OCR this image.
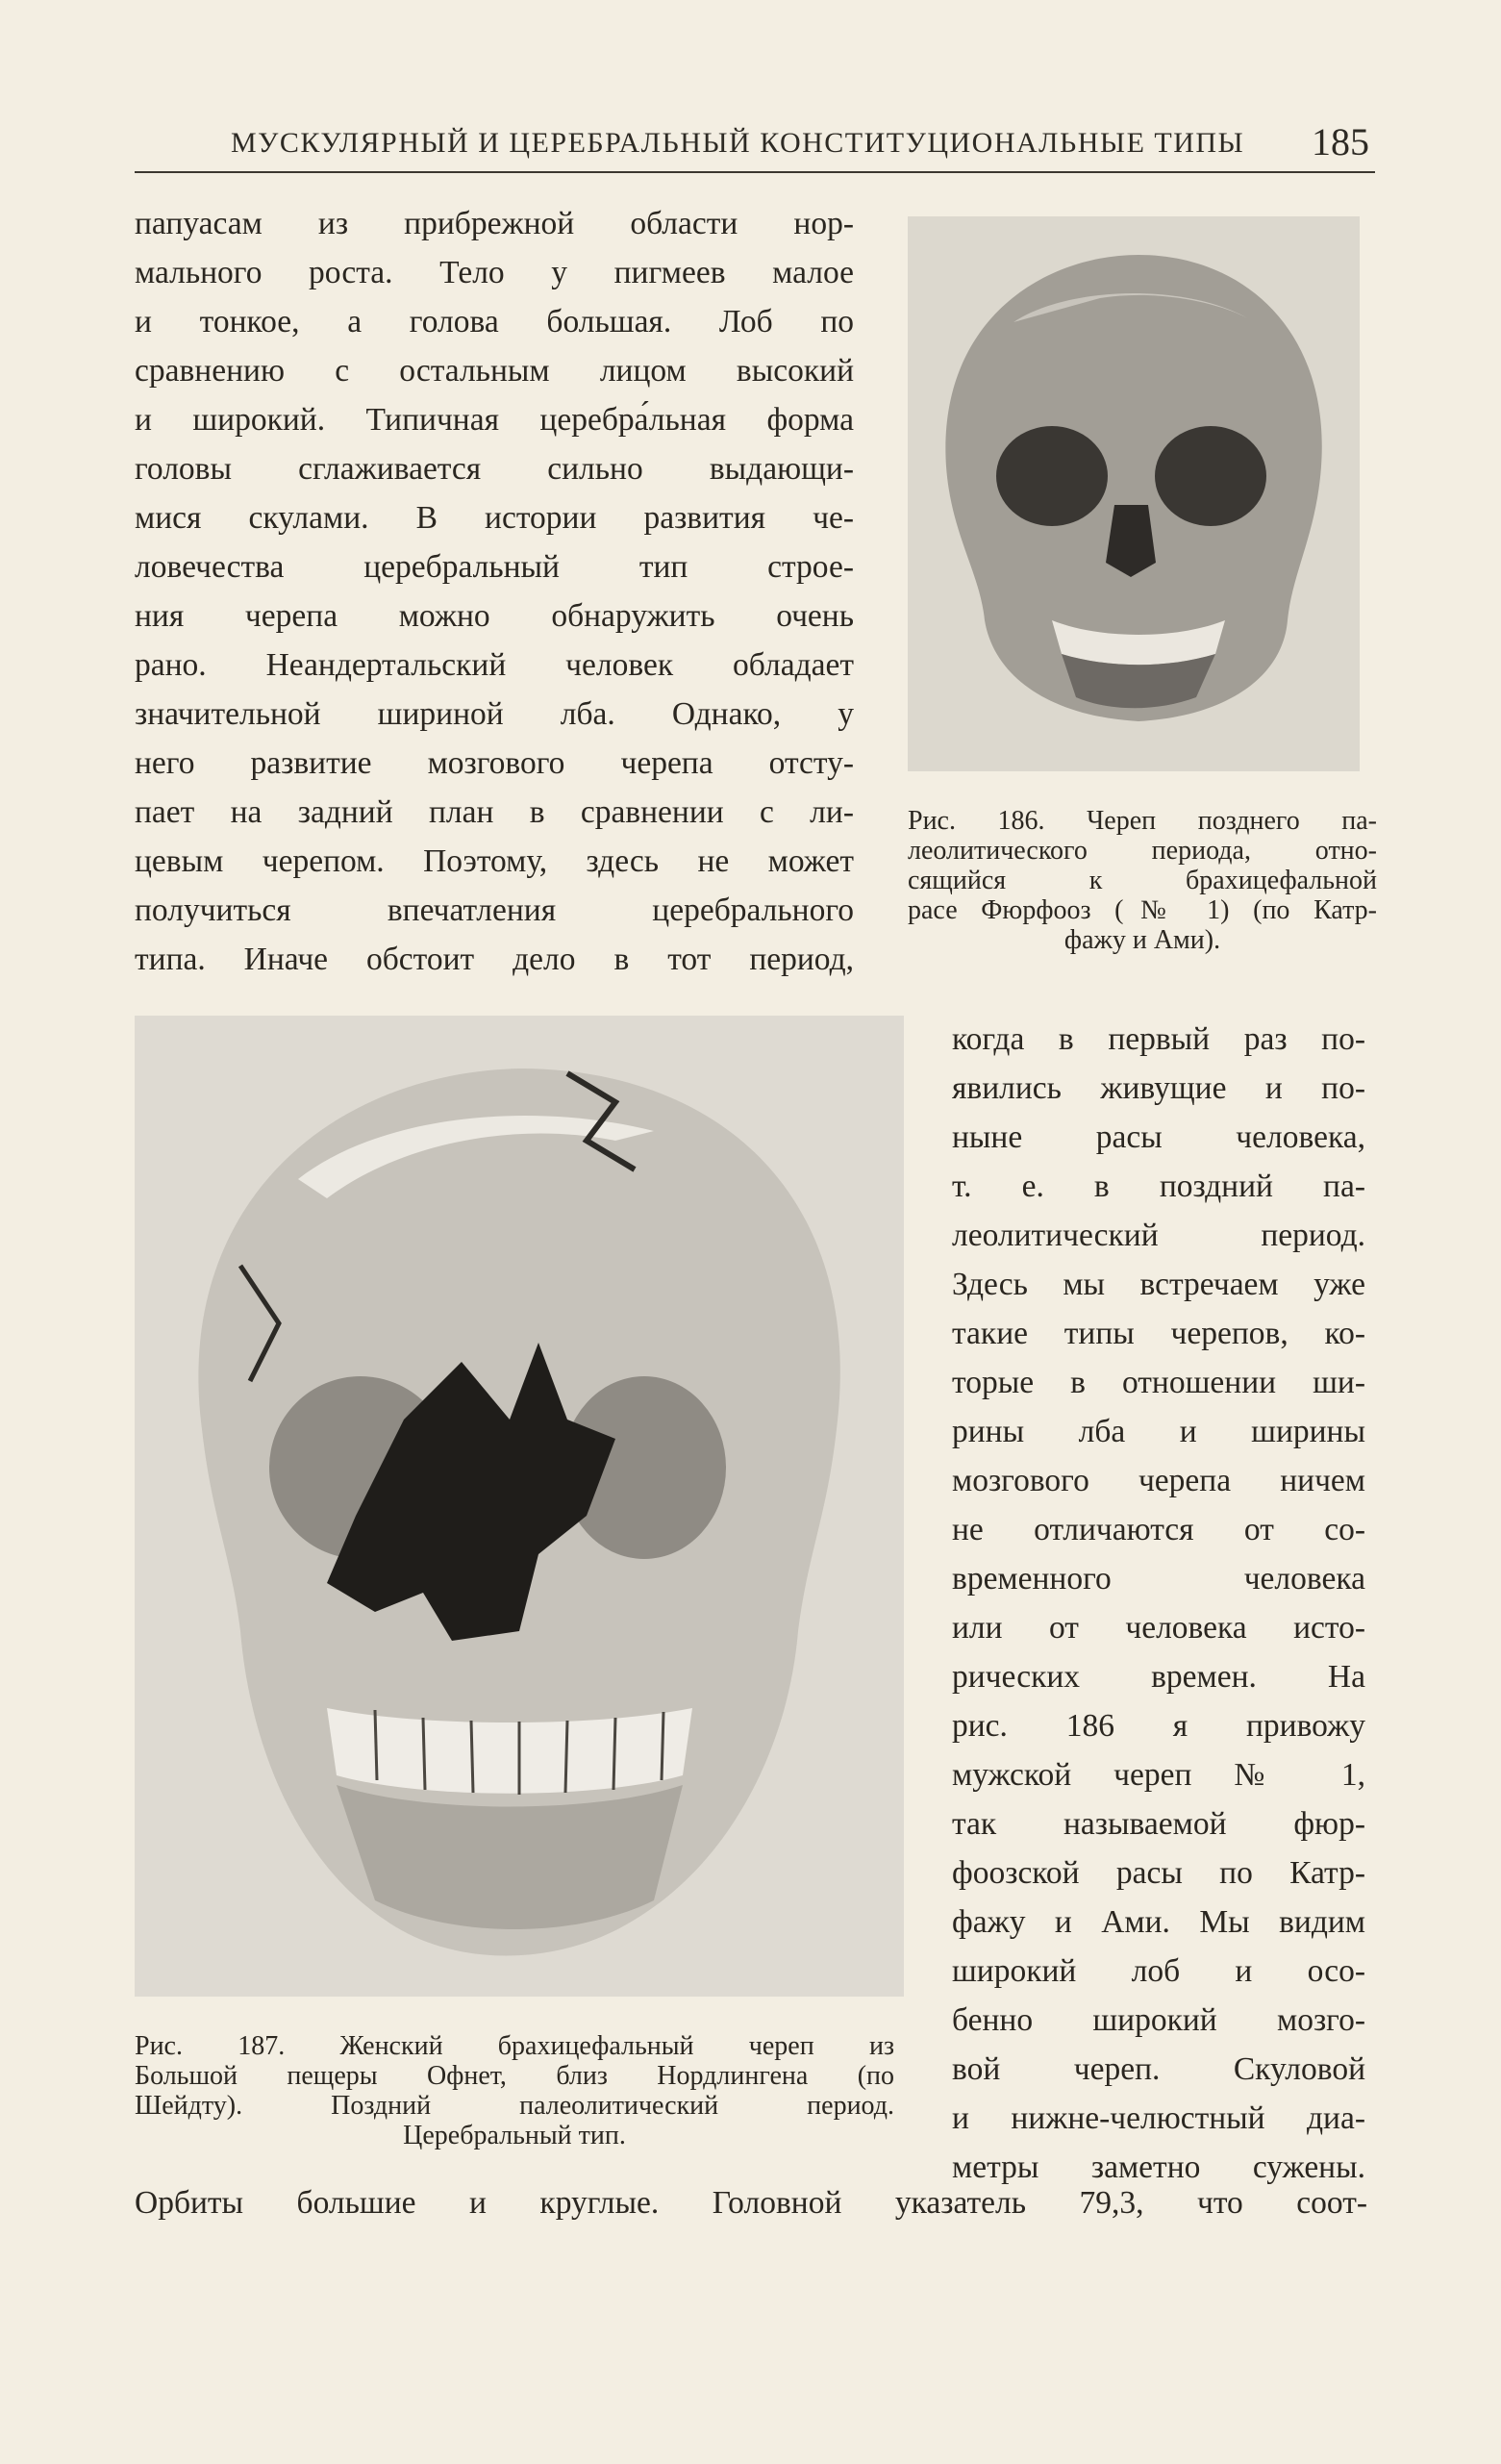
МУСКУЛЯРНЫЙ И ЦЕРЕБРАЛЬНЫЙ КОНСТИТУЦИОНАЛЬНЫЕ ТИПЫ 185
папуасам из прибрежной области нор-
мального роста. Тело у пигмеев малое
и тонкое, а голова большая. Лоб по
сравнению с остальным лицом высокий
и широкий. Типичная церебра́льная форма
головы сглаживается сильно выдающи-
мися скулами. В истории развития че-
ловечества церебральный тип строе-
ния черепа можно обнаружить очень
рано. Неандертальский человек обладает
значительной шириной лба. Однако, у
него развитие мозгового черепа отсту-
пает на задний план в сравнении с ли-
цевым черепом. Поэтому, здесь не может
получиться впечатления церебрального
типа. Иначе обстоит дело в тот период,
Рис. 186. Череп позднего па-
леолитического периода, отно-
сящийся к брахицефальной
расе Фюрфооз (№ 1) (по Катр-
фажу и Ами).
Рис. 187. Женский брахицефальный череп из
Большой пещеры Офнет, близ Нордлингена (по
Шейдту). Поздний палеолитический период.
Церебральный тип.
когда в первый раз по-
явились живущие и по-
ныне расы человека,
т. е. в поздний па-
леолитический период.
Здесь мы встречаем уже
такие типы черепов, ко-
торые в отношении ши-
рины лба и ширины
мозгового черепа ничем
не отличаются от со-
временного человека
или от человека исто-
рических времен. На
рис. 186 я привожу
мужской череп № 1,
так называемой фюр-
фоозской расы по Катр-
фажу и Ами. Мы видим
широкий лоб и осо-
бенно широкий мозго-
вой череп. Скуловой
и нижне-челюстный диа-
метры заметно сужены.
Орбиты большие и круглые. Головной указатель 79,3, что соот-
